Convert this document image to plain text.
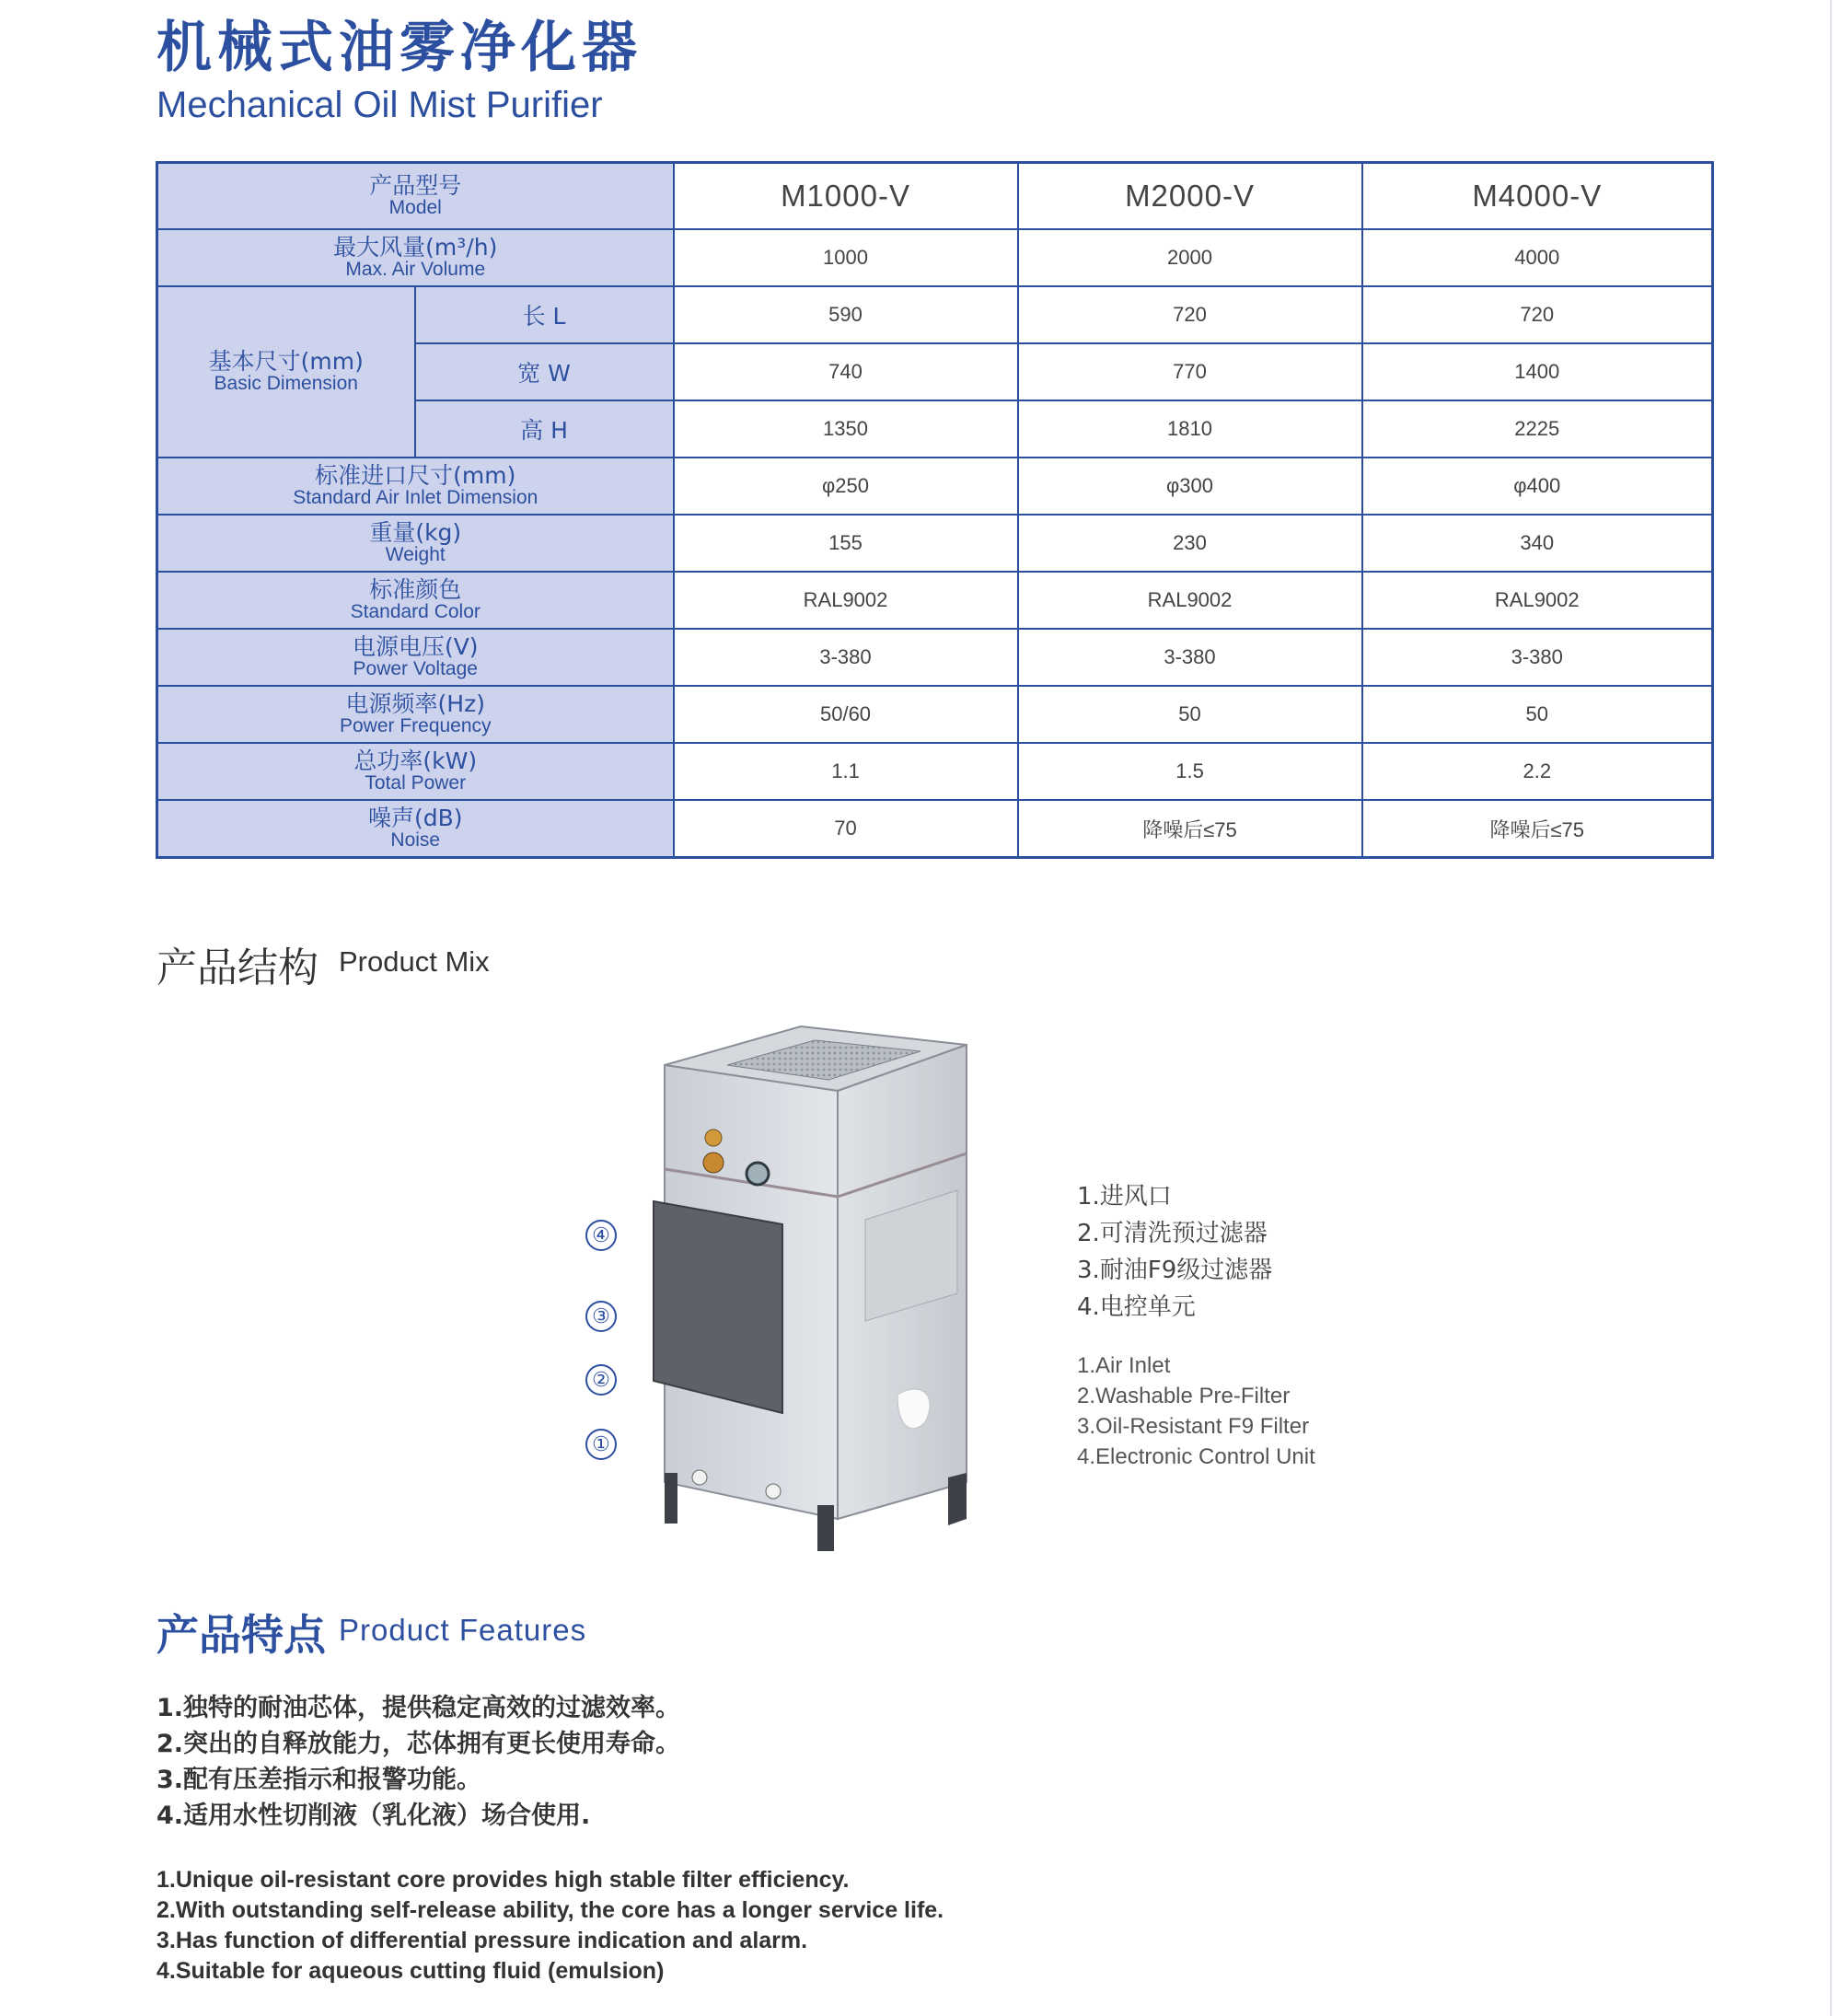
机械式油雾净化器
Mechanical Oil Mist Purifier
产品型号
Model		M1000-V	M2000-V	M4000-V

最大风量(m³/h)
Max. Air Volume		1000	2000	4000

基本尺寸(mm)
Basic Dimension	长 L	590	720	720
	宽 W	740	770	1400
	高 H	1350	1810	2225

标准进口尺寸(mm)
Standard Air Inlet Dimension		φ250	φ300	φ400

重量(kg)
Weight		155	230	340

标准颜色
Standard Color		RAL9002	RAL9002	RAL9002

电源电压(V)
Power Voltage		3-380	3-380	3-380

电源频率(Hz)
Power Frequency		50/60	50	50

总功率(kW)
Total Power		1.1	1.5	2.2

噪声(dB)
Noise		70	降噪后≤75	降噪后≤75
产品结构 Product Mix
④
③
②
①
1.进风口
2.可清洗预过滤器
3.耐油F9级过滤器
4.电控单元
1.Air Inlet
2.Washable Pre-Filter
3.Oil-Resistant F9 Filter
4.Electronic Control Unit
产品特点 Product Features
1.独特的耐油芯体，提供稳定高效的过滤效率。
2.突出的自释放能力，芯体拥有更长使用寿命。
3.配有压差指示和报警功能。
4.适用水性切削液（乳化液）场合使用.
1.Unique oil-resistant core provides high stable filter efficiency.
2.With outstanding self-release ability, the core has a longer service life.
3.Has function of differential pressure indication and alarm.
4.Suitable for aqueous cutting fluid (emulsion)
